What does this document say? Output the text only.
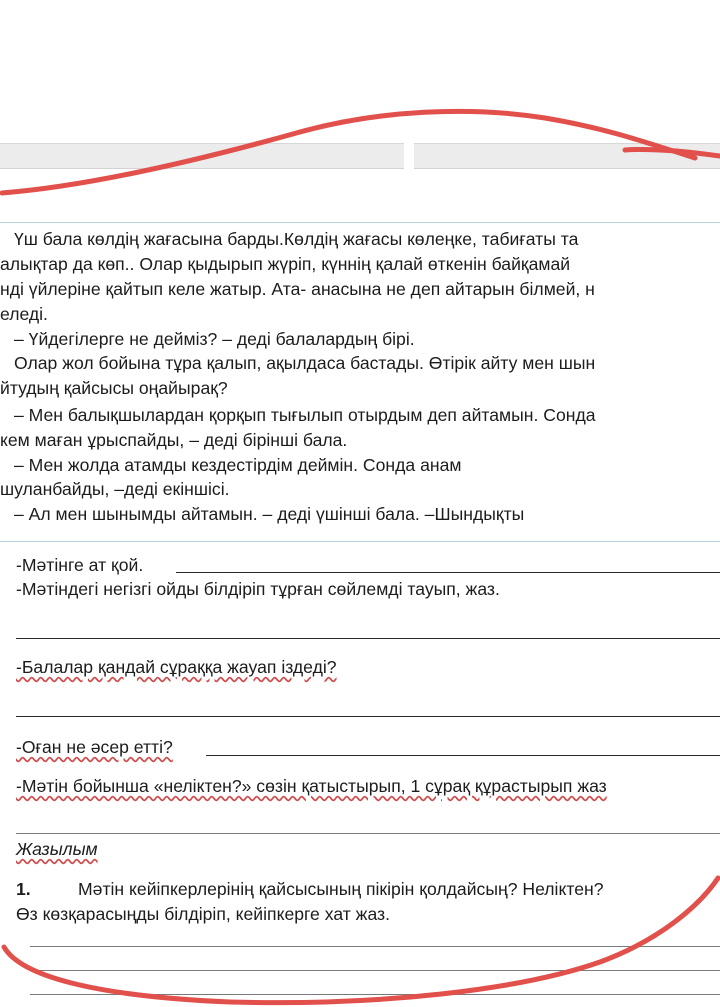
Үш бала көлдің жағасына барды.Көлдің жағасы көлеңке, табиғаты та
алықтар да көп.. Олар қыдырып жүріп, күннің қалай өткенін байқамай
нді үйлеріне қайтып келе жатыр. Ата- анасына не деп айтарын білмей, н
еледі.
– Үйдегілерге не дейміз? – деді балалардың бірі.
Олар жол бойына тұра қалып, ақылдаса бастады. Өтірік айту мен шын
йтудың қайсысы оңайырақ?
– Мен балықшылардан қорқып тығылып отырдым деп айтамын. Сонда
кем маған ұрыспайды, – деді бірінші бала.
– Мен жолда атамды кездестірдім деймін. Сонда анам
шуланбайды, –деді екіншісі.
– Ал мен шынымды айтамын. – деді үшінші бала. –Шындықты
-Мәтінге ат қой.
-Мәтіндегі негізгі ойды білдіріп тұрған сөйлемді тауып, жаз.
-Балалар қандай сұраққа жауап іздеді?
-Оған не әсер етті?
-Мәтін бойынша «неліктен?» сөзін қатыстырып, 1 сұрақ құрастырып жаз
Жазылым
1.	Мәтін кейіпкерлерінің қайсысының пікірін қолдайсың? Неліктен?
Өз көзқарасыңды білдіріп, кейіпкерге хат жаз.
